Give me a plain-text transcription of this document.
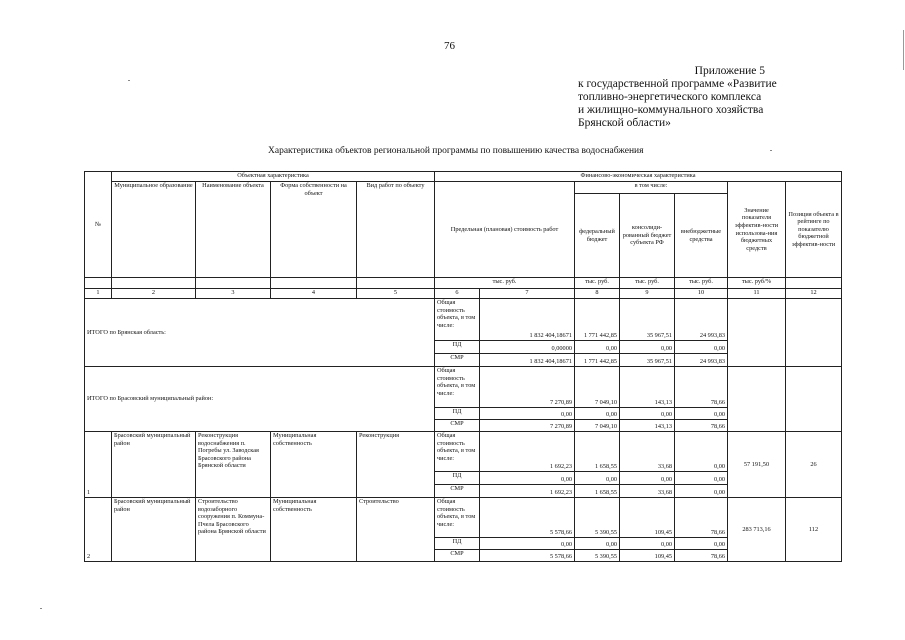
76
Приложение 5
к государственной программе «Развитие
топливно-энергетического комплекса
и жилищно-коммунального хозяйства
Брянской области»
Характеристика объектов региональной программы по повышению качества водоснабжения
№	Объектная характеристика				Финансово-экономическая характеристика						
	Муниципальное образование	Наименование объекта	Форма собственности на объект	Вид работ по объекту	Предельная (плановая) стоимость работ		в том числе:			Значение показателя эффектив-ности использова-ния бюджетных средств	Позиция объекта в рейтинге по показателю бюджетной эффектив-ности
							федеральный бюджет	консолиди-рованный бюджет субъекта РФ	внебюджетные средства		
					тыс. руб.		тыс. руб.	тыс. руб.	тыс. руб.	тыс. руб/%	
1	2	3	4	5	6	7	8	9	10	11	12
ИТОГО по Брянская область:					Общая стоимость объекта, в том числе:	1 832 404,18671	1 771 442,85	35 967,51	24 993,83		
					ПД	0,00000	0,00	0,00	0,00		
					СМР	1 832 404,18671	1 771 442,85	35 967,51	24 993,83		
ИТОГО по Брасовский муниципальный район:					Общая стоимость объекта, в том числе:	7 270,89	7 049,10	143,13	78,66		
					ПД	0,00	0,00	0,00	0,00		
					СМР	7 270,89	7 049,10	143,13	78,66		
1	Брасовский муниципальный район	Реконструкция водоснабжения п. Погребы ул. Заводская Брасовского района Брянской области	Муниципальная собственность	Реконструкция	Общая стоимость объекта, в том числе:	1 692,23	1 658,55	33,68	0,00	57 191,50	26
					ПД	0,00	0,00	0,00	0,00		
					СМР	1 692,23	1 658,55	33,68	0,00		
2	Брасовский муниципальный район	Строительство водозаборного сооружения п. Коммуна-Пчела Брасовского района Брянской области	Муниципальная собственность	Строительство	Общая стоимость объекта, в том числе:	5 578,66	5 390,55	109,45	78,66	283 713,16	112
					ПД	0,00	0,00	0,00	0,00		
					СМР	5 578,66	5 390,55	109,45	78,66		
